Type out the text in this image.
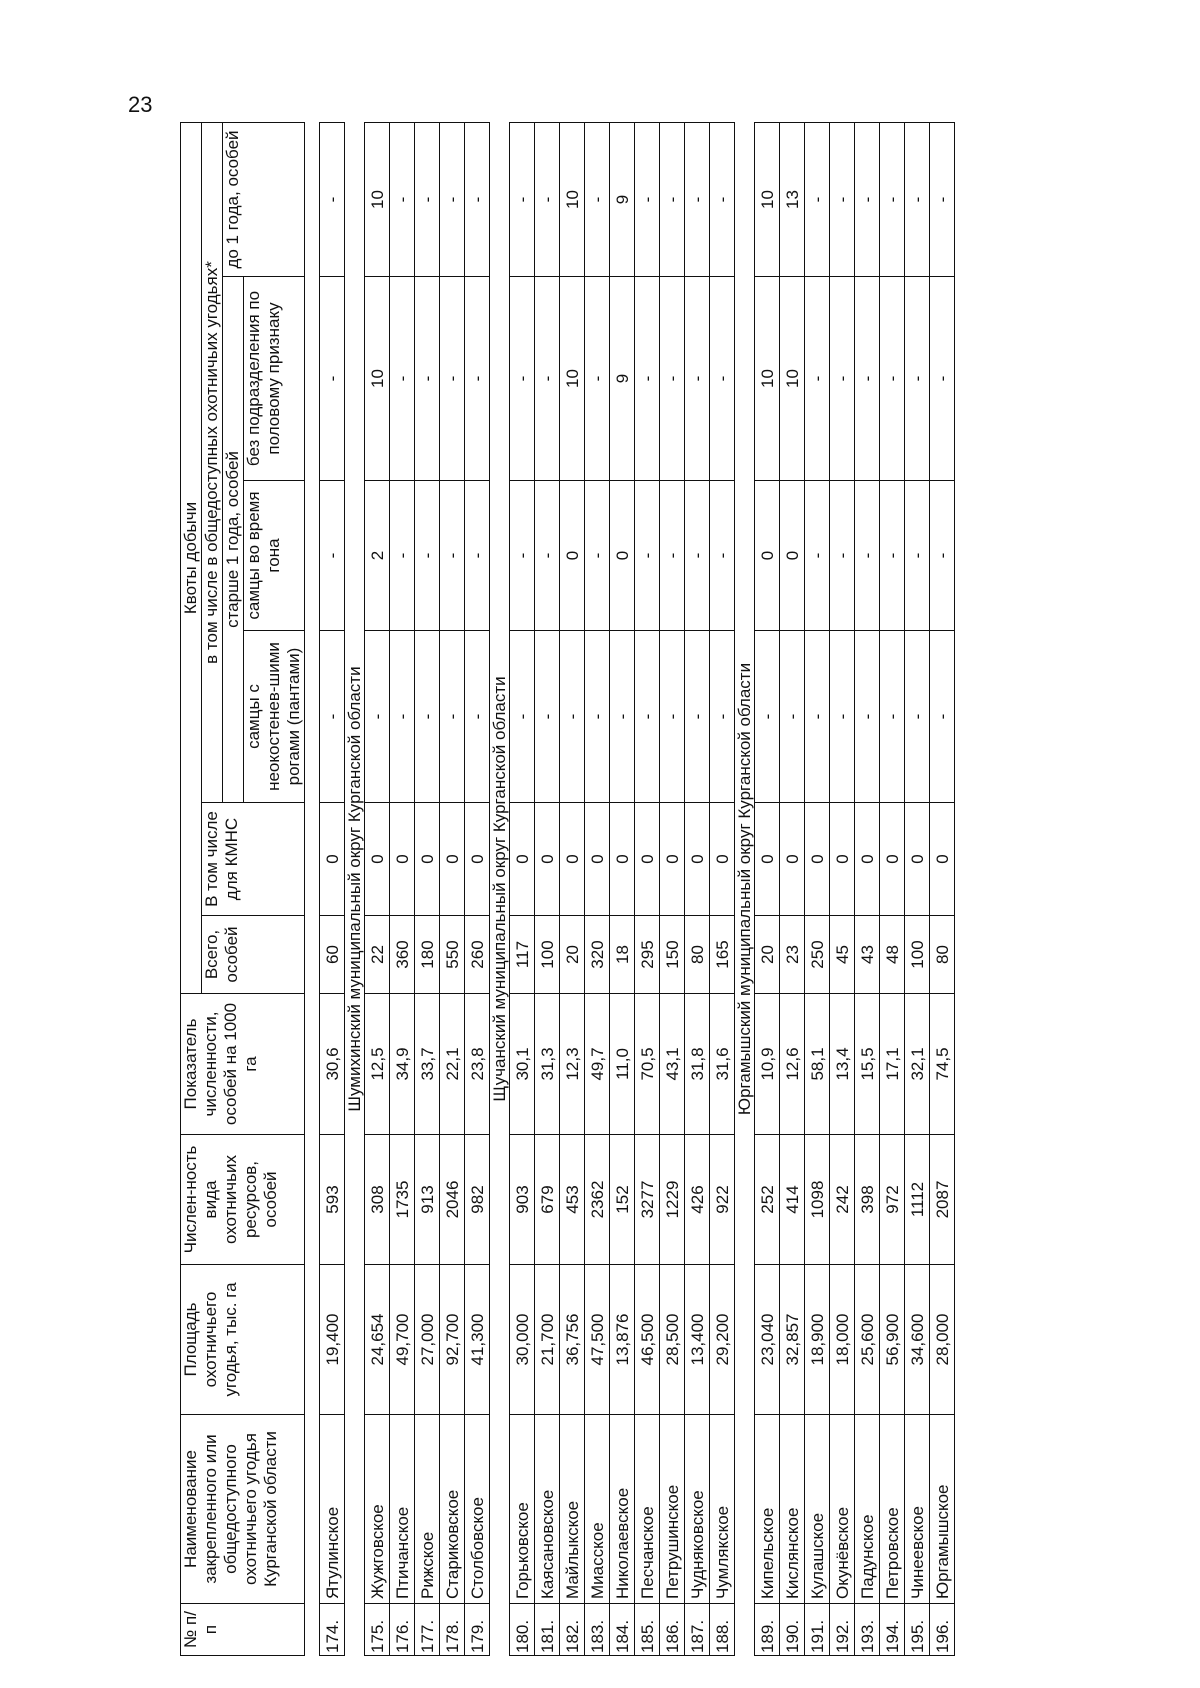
23
№ п/п	Наименование закрепленного или общедоступного охотничьего угодья Курганской области	Площадь охотничьего угодья, тыс. га	Числен-ность вида охотничьих ресурсов, особей	Показатель численности, особей на 1000 га	Квоты добычи					
					Всего, особей	В том числе для КМНС	в том числе в общедоступных охотничьих угодьях*			
							старше 1 года, особей			до 1 года, особей
							самцы с неокостенев-шими рогами (пантами)	самцы во время гона	без подразделения по половому признаку	

174.	Ятулинское	19,400	593	30,6	60	0	-	-	-	-
Шумихинский муниципальный округ Курганской области										
175.	Жужговское	24,654	308	12,5	22	0	-	2	10	10
176.	Птичанское	49,700	1735	34,9	360	0	-	-	-	-
177.	Рижское	27,000	913	33,7	180	0	-	-	-	-
178.	Стариковское	92,700	2046	22,1	550	0	-	-	-	-
179.	Столбовское	41,300	982	23,8	260	0	-	-	-	-
Щучанский муниципальный округ Курганской области										
180.	Горьковское	30,000	903	30,1	117	0	-	-	-	-
181.	Каясановское	21,700	679	31,3	100	0	-	-	-	-
182.	Майлыкское	36,756	453	12,3	20	0	-	0	10	10
183.	Миасское	47,500	2362	49,7	320	0	-	-	-	-
184.	Николаевское	13,876	152	11,0	18	0	-	0	9	9
185.	Песчанское	46,500	3277	70,5	295	0	-	-	-	-
186.	Петрушинское	28,500	1229	43,1	150	0	-	-	-	-
187.	Чудняковское	13,400	426	31,8	80	0	-	-	-	-
188.	Чумлякское	29,200	922	31,6	165	0	-	-	-	-
Юргамышский муниципальный округ Курганской области										
189.	Кипельское	23,040	252	10,9	20	0	-	0	10	10
190.	Кислянское	32,857	414	12,6	23	0	-	0	10	13
191.	Кулашское	18,900	1098	58,1	250	0	-	-	-	-
192.	Окунёвское	18,000	242	13,4	45	0	-	-	-	-
193.	Падунское	25,600	398	15,5	43	0	-	-	-	-
194.	Петровское	56,900	972	17,1	48	0	-	-	-	-
195.	Чинеевское	34,600	1112	32,1	100	0	-	-	-	-
196.	Юргамышское	28,000	2087	74,5	80	0	-	-	-	-
